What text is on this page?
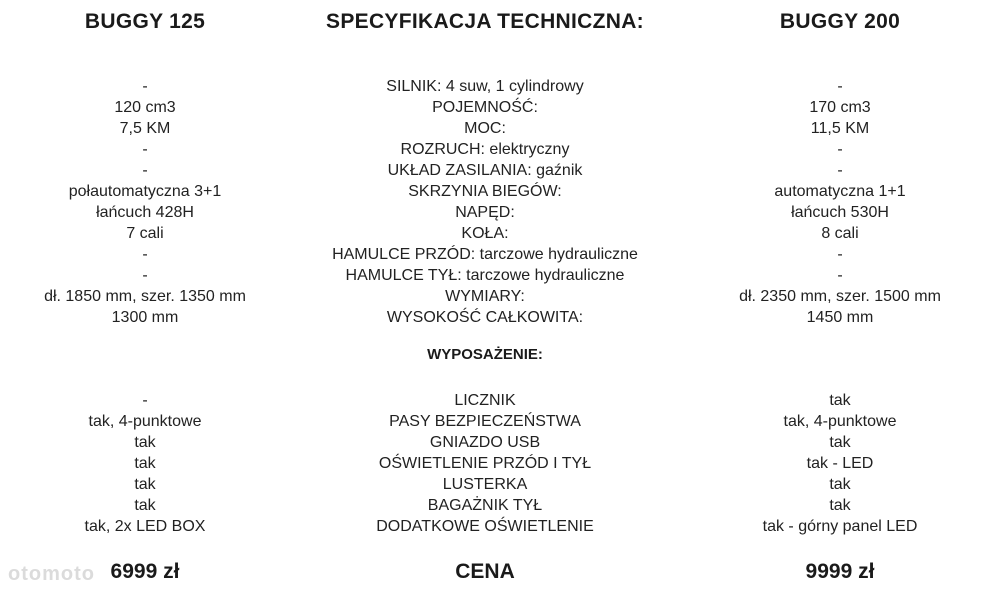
BUGGY 125
-
120 cm3
7,5 KM
-
-
połautomatyczna 3+1
łańcuch 428H
7 cali
-
-
dł. 1850 mm, szer. 1350 mm
1300 mm
-
tak, 4-punktowe
tak
tak
tak
tak
tak, 2x LED BOX
6999 zł
SPECYFIKACJA TECHNICZNA:
SILNIK: 4 suw, 1 cylindrowy
POJEMNOŚĆ:
MOC:
ROZRUCH: elektryczny
UKŁAD ZASILANIA: gaźnik
SKRZYNIA BIEGÓW:
NAPĘD:
KOŁA:
HAMULCE PRZÓD: tarczowe hydrauliczne
HAMULCE TYŁ: tarczowe hydrauliczne
WYMIARY:
WYSOKOŚĆ CAŁKOWITA:
WYPOSAŻENIE:
LICZNIK
PASY BEZPIECZEŃSTWA
GNIAZDO USB
OŚWIETLENIE PRZÓD I TYŁ
LUSTERKA
BAGAŻNIK TYŁ
DODATKOWE OŚWIETLENIE
CENA
BUGGY 200
-
170 cm3
11,5 KM
-
-
automatyczna 1+1
łańcuch 530H
8 cali
-
-
dł. 2350 mm, szer. 1500 mm
1450 mm
tak
tak, 4-punktowe
tak
tak - LED
tak
tak
tak - górny panel LED
9999 zł
otomoto
